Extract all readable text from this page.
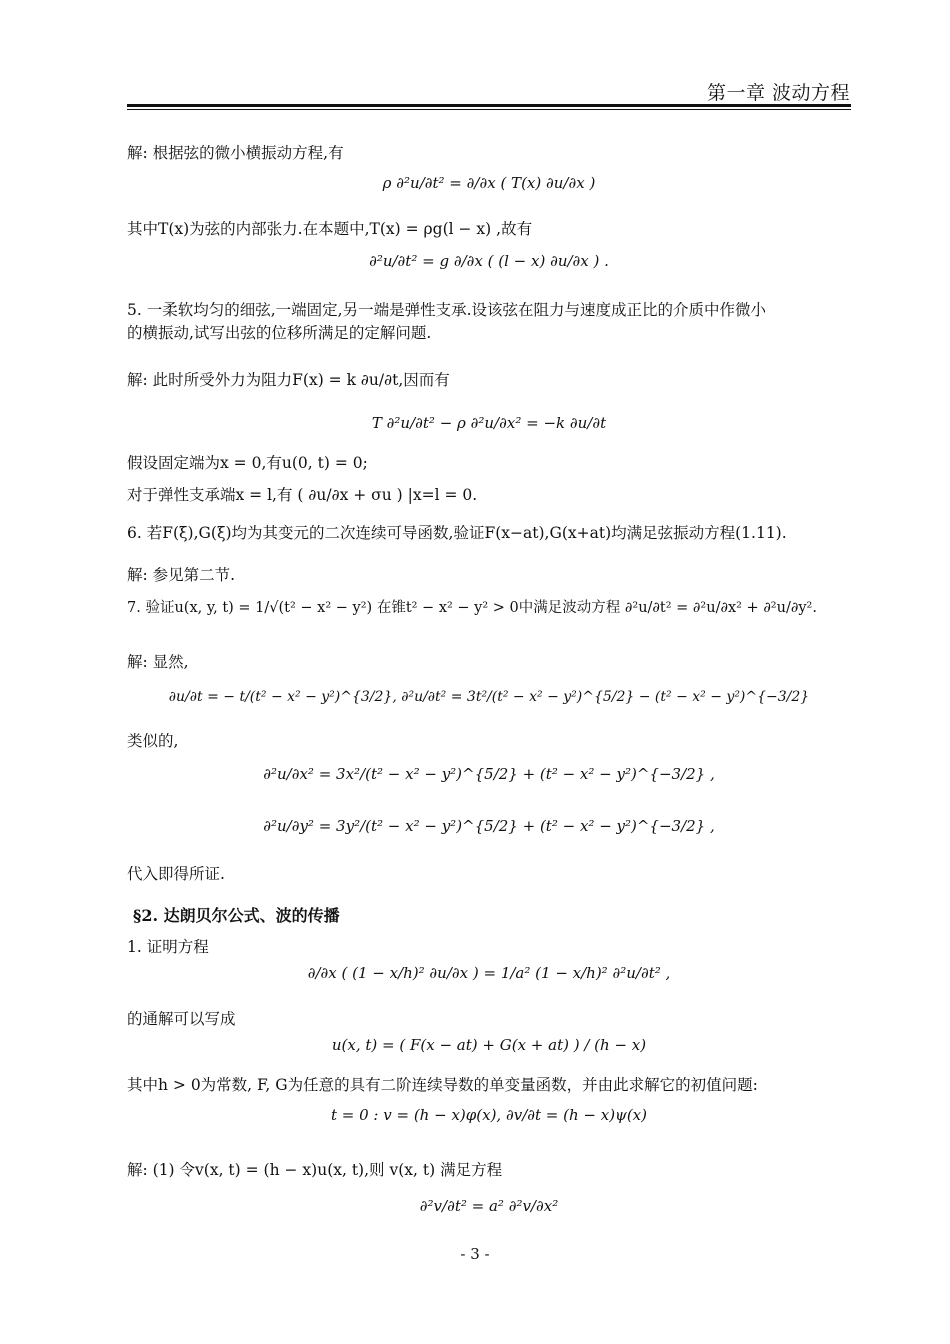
第一章 波动方程
解: 根据弦的微小横振动方程,有
ρ ∂²u/∂t² = ∂/∂x ( T(x) ∂u/∂x )
其中T(x)为弦的内部张力.在本题中,T(x) = ρg(l − x) ,故有
∂²u/∂t² = g ∂/∂x ( (l − x) ∂u/∂x ) .
5. 一柔软均匀的细弦,一端固定,另一端是弹性支承.设该弦在阻力与速度成正比的介质中作微小
的横振动,试写出弦的位移所满足的定解问题.
解: 此时所受外力为阻力F(x) = k ∂u/∂t,因而有
T ∂²u/∂t² − ρ ∂²u/∂x² = −k ∂u/∂t
假设固定端为x = 0,有u(0, t) = 0;
对于弹性支承端x = l,有 ( ∂u/∂x + σu ) |x=l = 0.
6. 若F(ξ),G(ξ)均为其变元的二次连续可导函数,验证F(x−at),G(x+at)均满足弦振动方程(1.11).
解: 参见第二节.
7. 验证u(x, y, t) = 1/√(t² − x² − y²) 在锥t² − x² − y² > 0中满足波动方程 ∂²u/∂t² = ∂²u/∂x² + ∂²u/∂y².
解: 显然,
∂u/∂t = − t/(t² − x² − y²)^{3/2}, ∂²u/∂t² = 3t²/(t² − x² − y²)^{5/2} − (t² − x² − y²)^{−3/2}
类似的,
∂²u/∂x² = 3x²/(t² − x² − y²)^{5/2} + (t² − x² − y²)^{−3/2} ,
∂²u/∂y² = 3y²/(t² − x² − y²)^{5/2} + (t² − x² − y²)^{−3/2} ,
代入即得所证.
§2. 达朗贝尔公式、波的传播
1. 证明方程
∂/∂x ( (1 − x/h)² ∂u/∂x ) = 1/a² (1 − x/h)² ∂²u/∂t² ,
的通解可以写成
u(x, t) = ( F(x − at) + G(x + at) ) / (h − x)
其中h > 0为常数, F, G为任意的具有二阶连续导数的单变量函数，并由此求解它的初值问题:
t = 0 : v = (h − x)φ(x), ∂v/∂t = (h − x)ψ(x)
解: (1) 令v(x, t) = (h − x)u(x, t),则 v(x, t) 满足方程
∂²v/∂t² = a² ∂²v/∂x²
- 3 -
